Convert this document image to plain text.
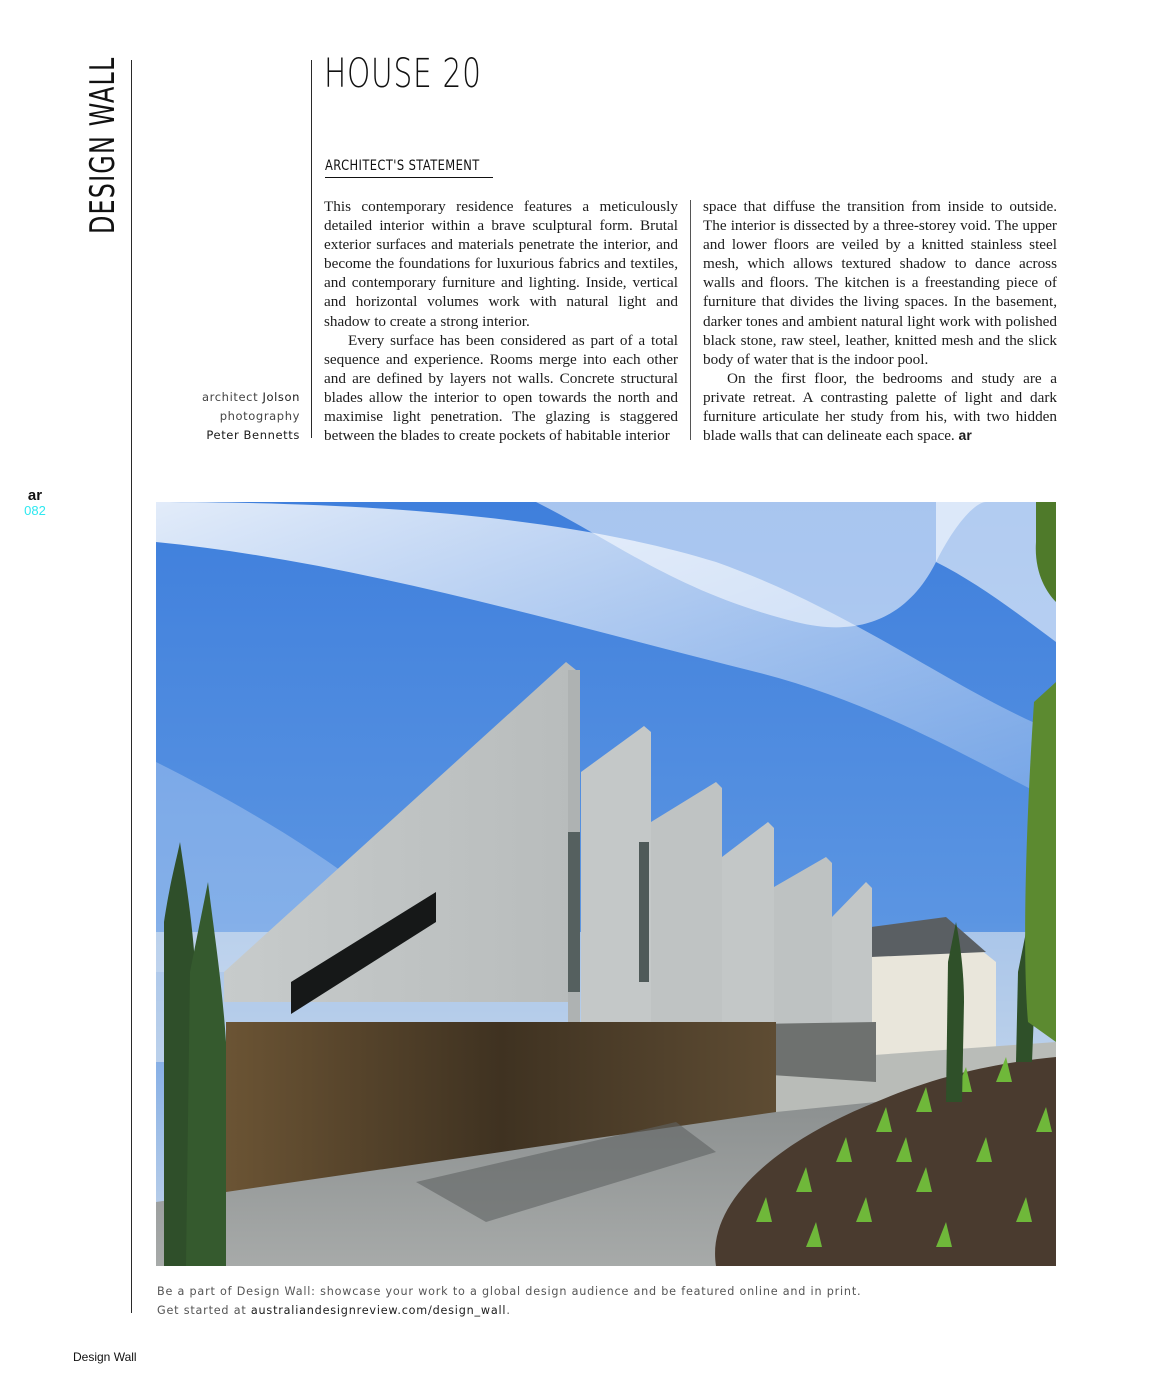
DESIGN WALL	HOUSE 20
ARCHITECT'S STATEMENT

This contemporary residence features a meticulously detailed interior within a brave sculptural form. Brutal exterior surfaces and materials penetrate the interior, and become the foundations for luxurious fabrics and textiles, and contemporary furniture and lighting. Inside, vertical and horizontal volumes work with natural light and shadow to create a strong interior.

Every surface has been considered as part of a total sequence and experience. Rooms merge into each other and are defined by layers not walls. Concrete structural blades allow the interior to open towards the north and maximise light penetration. The glazing is staggered between the blades to create pockets of habitable interior

space that diffuse the transition from inside to outside. The interior is dissected by a three-storey void. The upper and lower floors are veiled by a knitted stainless steel mesh, which allows textured shadow to dance across walls and floors. The kitchen is a freestanding piece of furniture that divides the living spaces. In the basement, darker tones and ambient natural light work with polished black stone, raw steel, leather, knitted mesh and the slick body of water that is the indoor pool.

On the first floor, the bedrooms and study are a private retreat. A contrasting palette of light and dark furniture articulate her study from his, with two hidden blade walls that can delineate each space. ar

architect Jolson
photography
Peter Bennetts
ar
082
Be a part of Design Wall: showcase your work to a global design audience and be featured online and in print.
Get started at australiandesignreview.com/design_wall.
Design Wall
